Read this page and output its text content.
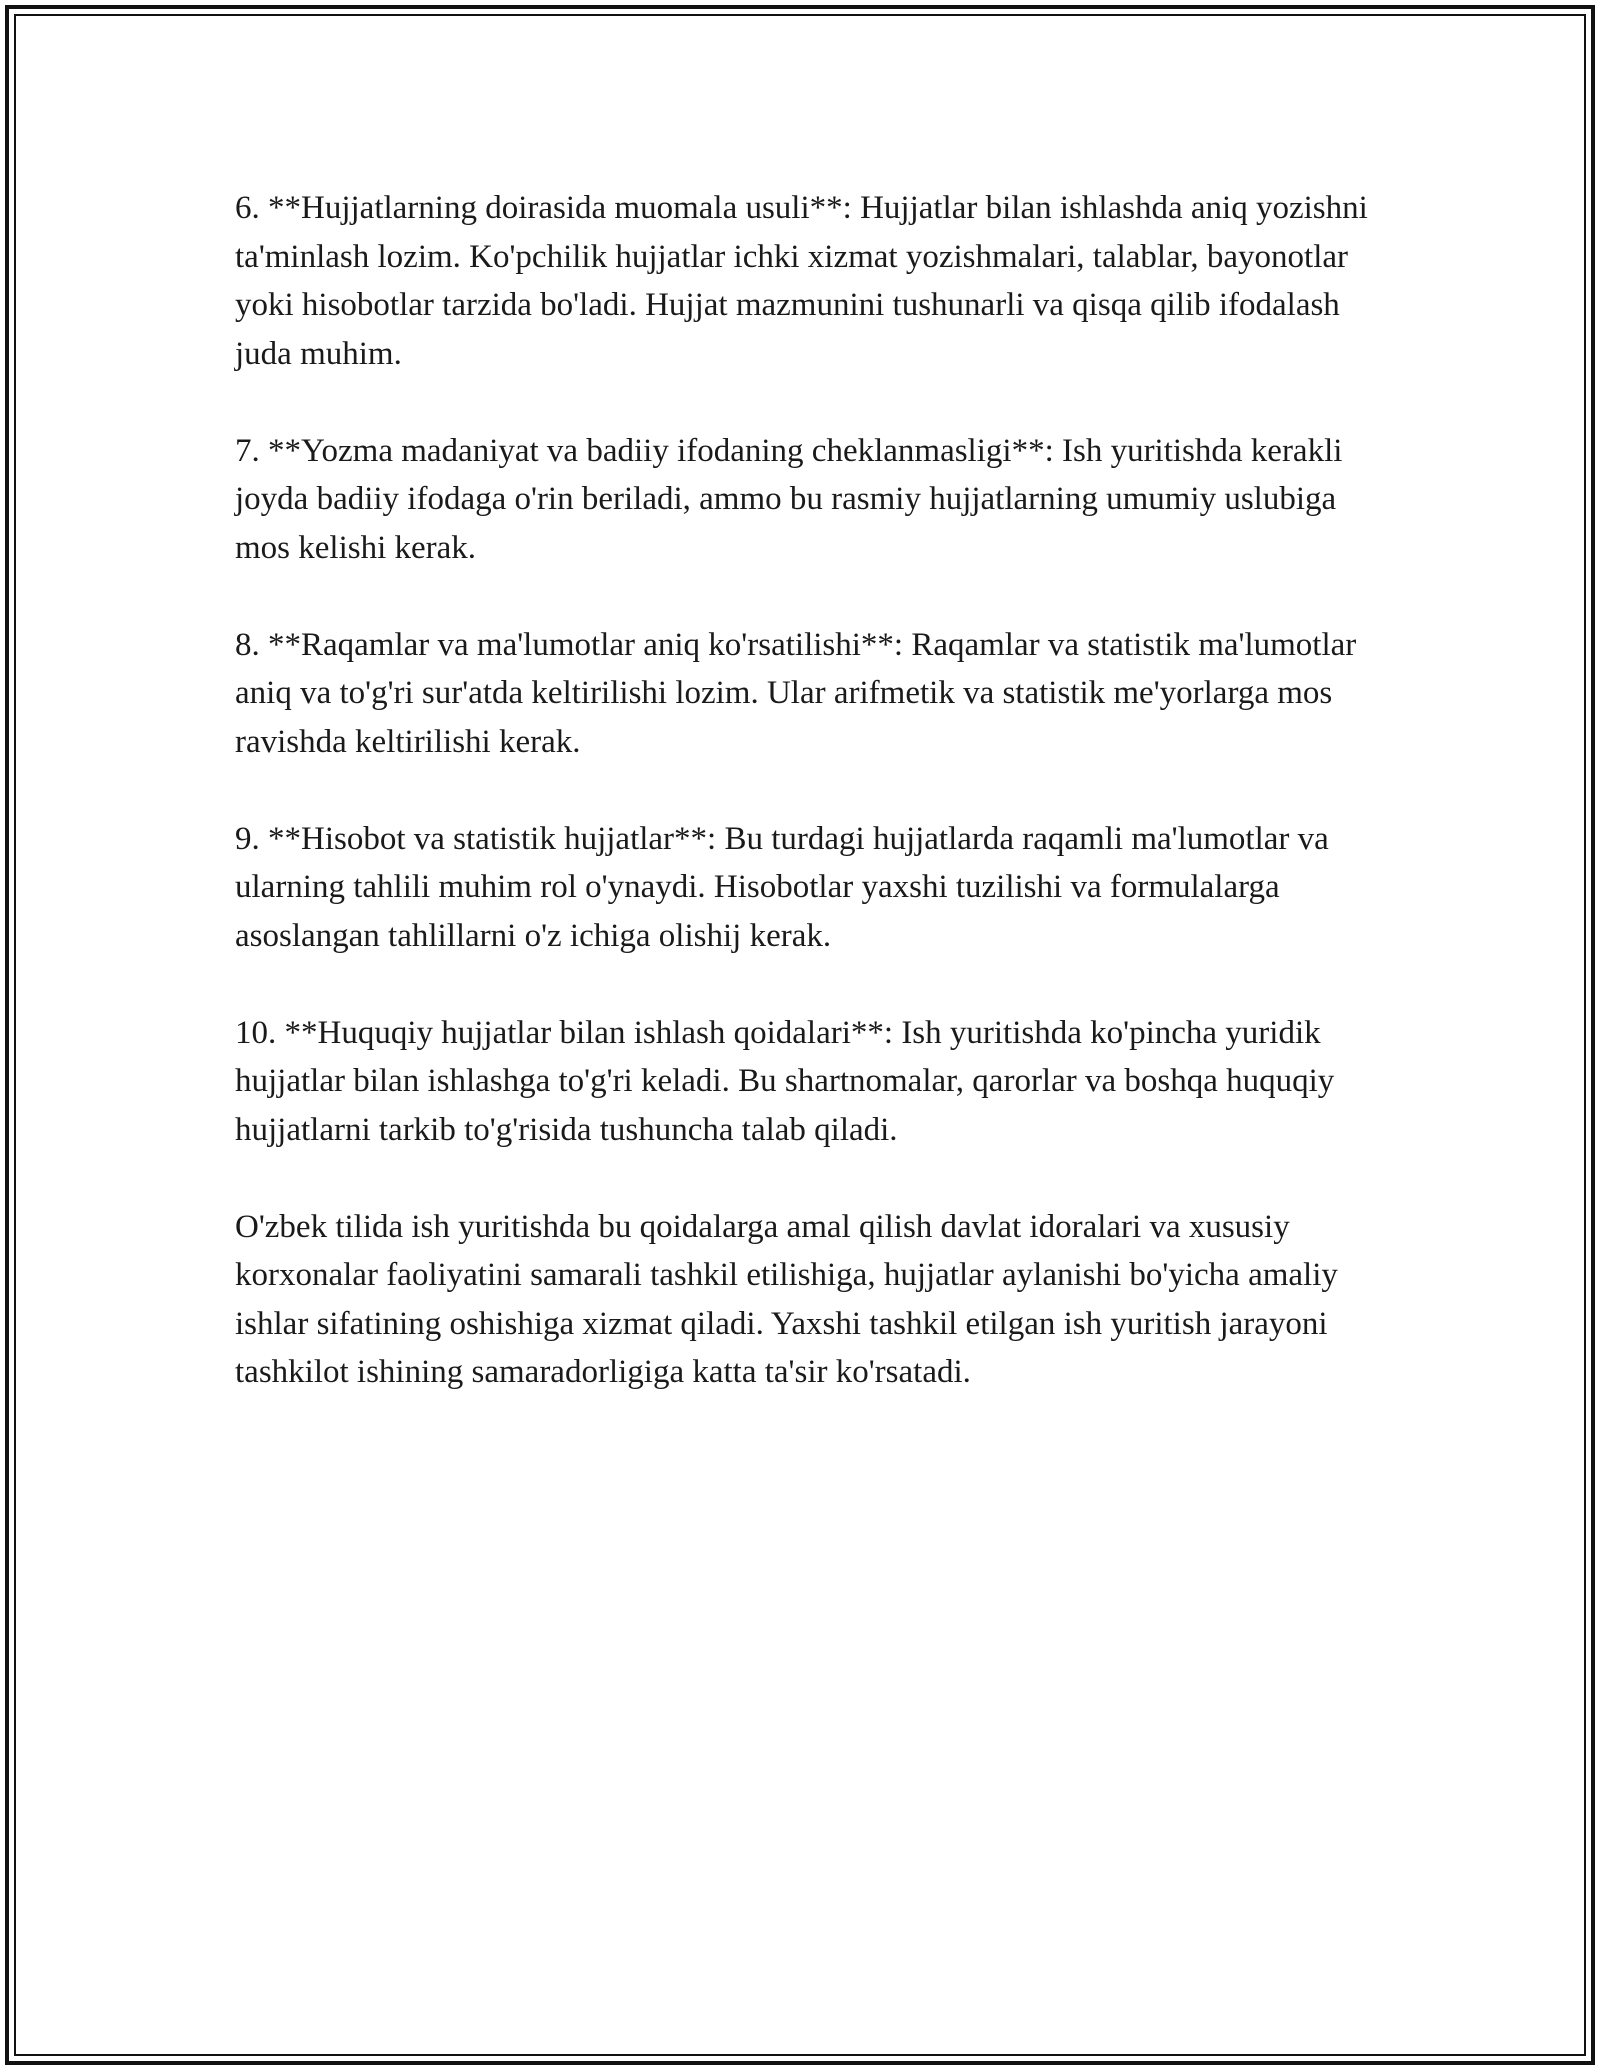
6. **Hujjatlarning doirasida muomala usuli**: Hujjatlar bilan ishlashda aniq yozishni ta'minlash lozim. Ko'pchilik hujjatlar ichki xizmat yozishmalari, talablar, bayonotlar yoki hisobotlar tarzida bo'ladi. Hujjat mazmunini tushunarli va qisqa qilib ifodalash juda muhim.

7. **Yozma madaniyat va badiiy ifodaning cheklanmasligi**: Ish yuritishda kerakli joyda badiiy ifodaga o'rin beriladi, ammo bu rasmiy hujjatlarning umumiy uslubiga mos kelishi kerak.

8. **Raqamlar va ma'lumotlar aniq ko'rsatilishi**: Raqamlar va statistik ma'lumotlar aniq va to'g'ri sur'atda keltirilishi lozim. Ular arifmetik va statistik me'yorlarga mos ravishda keltirilishi kerak.

9. **Hisobot va statistik hujjatlar**: Bu turdagi hujjatlarda raqamli ma'lumotlar va ularning tahlili muhim rol o'ynaydi. Hisobotlar yaxshi tuzilishi va formulalarga asoslangan tahlillarni o'z ichiga olishij kerak.

10. **Huquqiy hujjatlar bilan ishlash qoidalari**: Ish yuritishda ko'pincha yuridik hujjatlar bilan ishlashga to'g'ri keladi. Bu shartnomalar, qarorlar va boshqa huquqiy hujjatlarni tarkib to'g'risida tushuncha talab qiladi.

O'zbek tilida ish yuritishda bu qoidalarga amal qilish davlat idoralari va xususiy korxonalar faoliyatini samarali tashkil etilishiga, hujjatlar aylanishi bo'yicha amaliy ishlar sifatining oshishiga xizmat qiladi. Yaxshi tashkil etilgan ish yuritish jarayoni tashkilot ishining samaradorligiga katta ta'sir ko'rsatadi.
